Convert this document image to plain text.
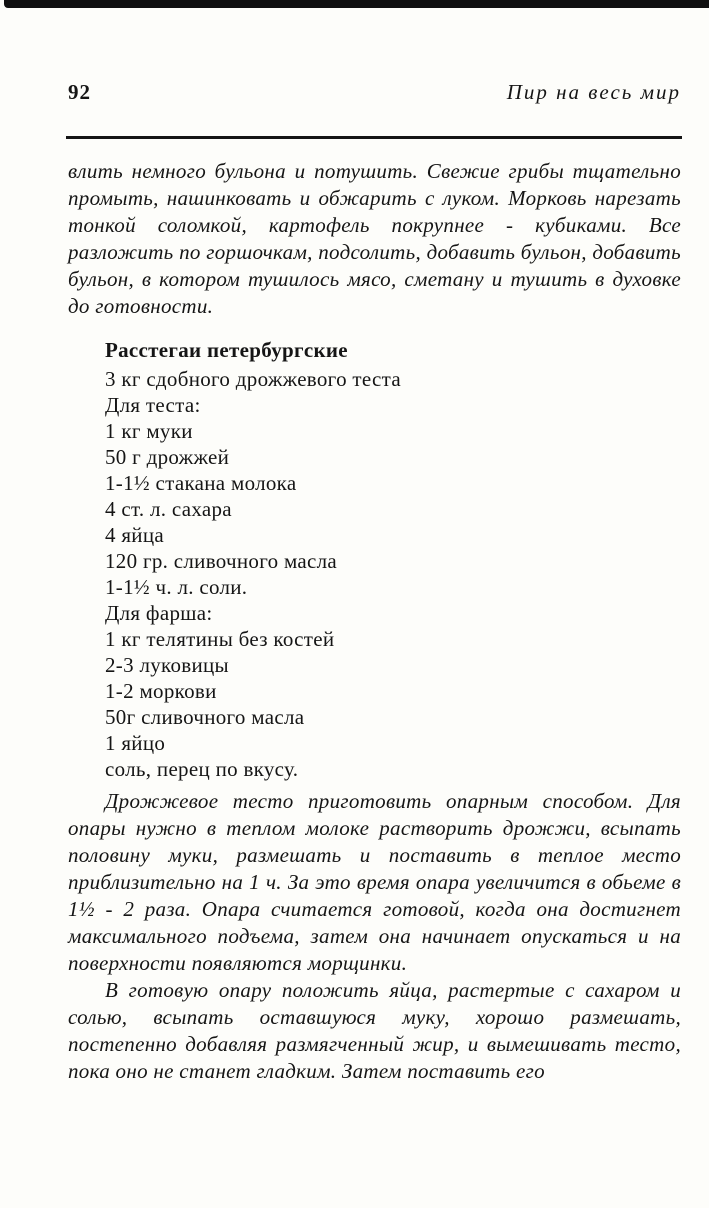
92	Пир на весь мир

влить немного бульона и потушить. Свежие грибы тщательно промыть, нашинковать и обжарить с луком. Морковь нарезать тонкой соломкой, картофель покрупнее - кубиками. Все разложить по горшочкам, подсолить, добавить бульон, добавить бульон, в котором тушилось мясо, сметану и тушить в духовке до готовности.

Расстегаи петербургские
3 кг сдобного дрожжевого теста
Для теста:
1 кг муки
50 г дрожжей
1-1½ стакана молока
4 ст. л. сахара
4 яйца
120 гр. сливочного масла
1-1½ ч. л. соли.
Для фарша:
1 кг телятины без костей
2-3 луковицы
1-2 моркови
50г сливочного масла
1 яйцо
соль, перец по вкусу.

Дрожжевое тесто приготовить опарным способом. Для опары нужно в теплом молоке растворить дрожжи, всыпать половину муки, размешать и поставить в теплое место приблизительно на 1 ч. За это время опара увеличится в обьеме в 1½ - 2 раза. Опара считается готовой, когда она достигнет максимального подъема, затем она начинает опускаться и на поверхности появляются морщинки.

В готовую опару положить яйца, растертые с сахаром и солью, всыпать оставшуюся муку, хорошо размешать, постепенно добавляя размягченный жир, и вымешивать тесто, пока оно не станет гладким. Затем поставить его
